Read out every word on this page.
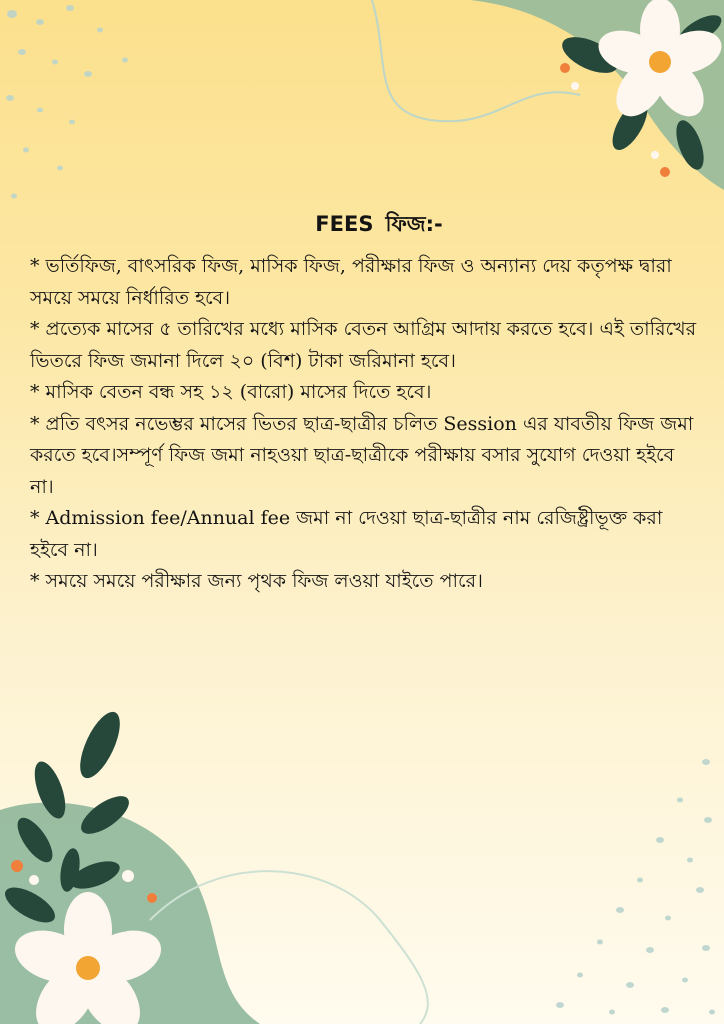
FEES ফিজ:-

* ভর্তিফিজ, বাৎসরিক ফিজ, মাসিক ফিজ, পরীক্ষার ফিজ ও অন্যান্য দেয় কতৃপক্ষ দ্বারা সময়ে সময়ে নির্ধারিত হবে।

* প্রত্যেক মাসের ৫ তারিখের মধ্যে মাসিক বেতন আগ্রিম আদায় করতে হবে। এই তারিখের ভিতরে ফিজ জমানা দিলে ২০ (বিশ) টাকা জরিমানা হবে।

* মাসিক বেতন বন্ধ সহ ১২ (বারো) মাসের দিতে হবে।

* প্রতি বৎসর নভেম্ভর মাসের ভিতর ছাত্র-ছাত্রীর চলিত Session এর যাবতীয় ফিজ জমা করতে হবে।সম্পূর্ণ ফিজ জমা নাহওয়া ছাত্র-ছাত্রীকে পরীক্ষায় বসার সুযোগ দেওয়া হইবে না।

* Admission fee/Annual fee জমা না দেওয়া ছাত্র-ছাত্রীর নাম রেজিষ্ট্রীভূক্ত করা হইবে না।

* সময়ে সময়ে পরীক্ষার জন্য পৃথক ফিজ লওয়া যাইতে পারে।
